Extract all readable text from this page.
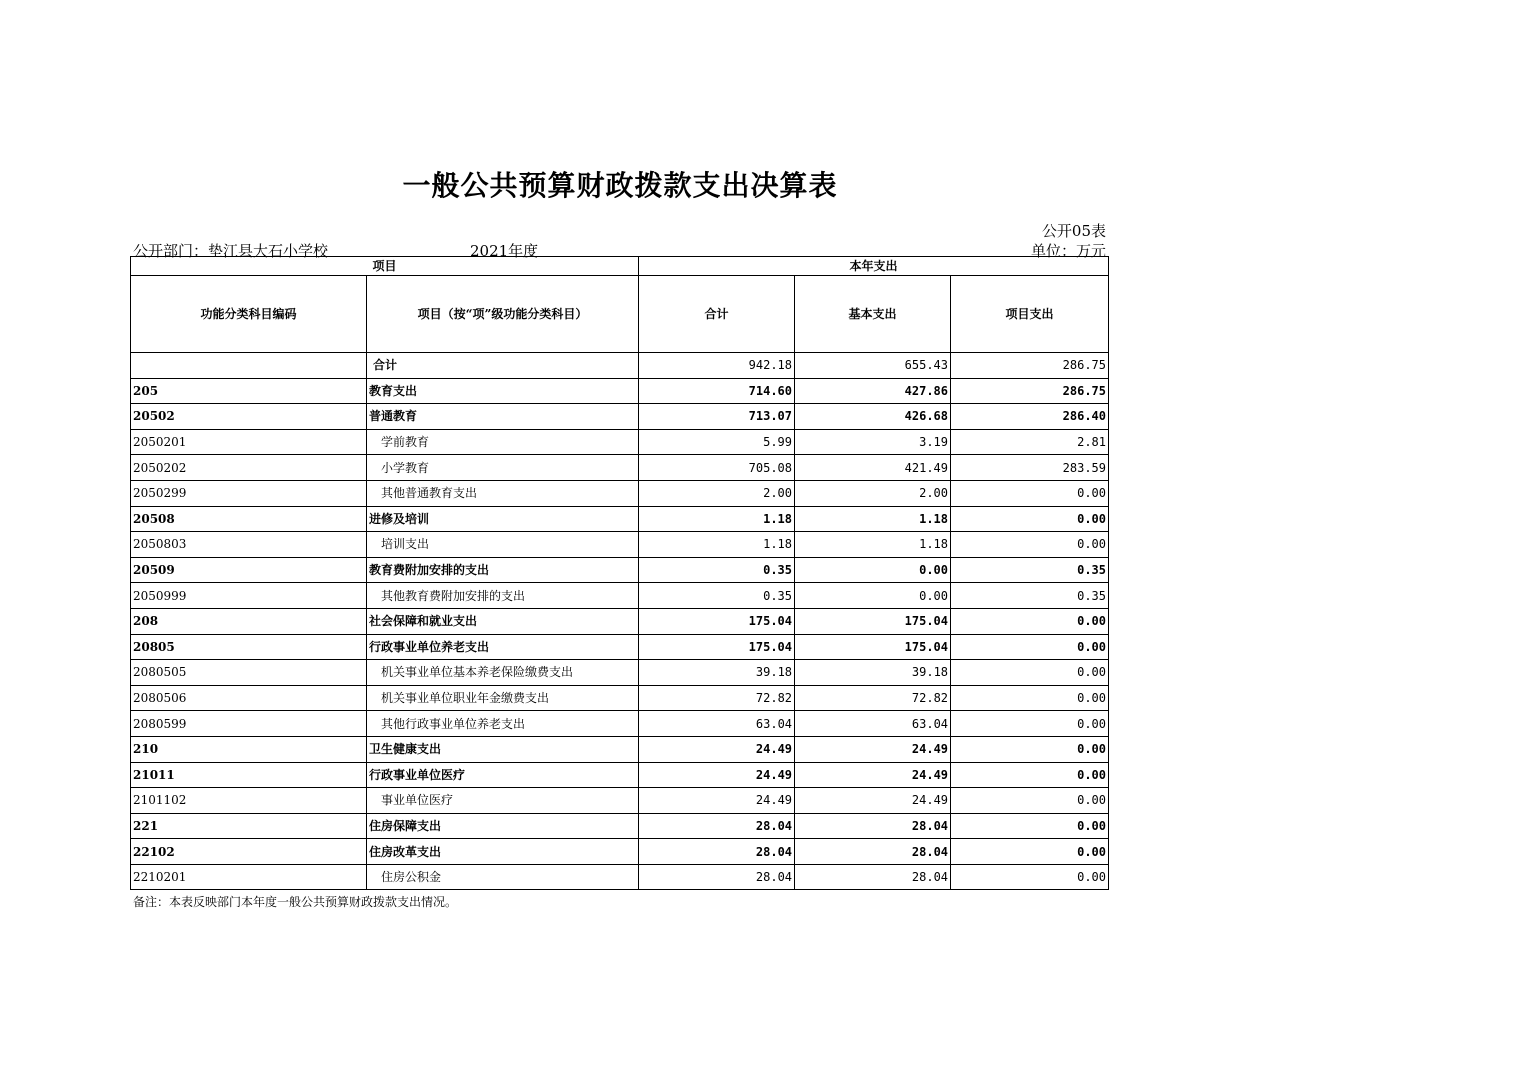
一般公共预算财政拨款支出决算表
公开05表
公开部门：垫江县大石小学校	2021年度	单位：万元
项目		本年支出		
功能分类科目编码	项目（按“项”级功能分类科目）	合计	基本支出	项目支出
	合计	942.18	655.43	286.75
205	教育支出	714.60	427.86	286.75
20502	普通教育	713.07	426.68	286.40
2050201	学前教育	5.99	3.19	2.81
2050202	小学教育	705.08	421.49	283.59
2050299	其他普通教育支出	2.00	2.00	0.00
20508	进修及培训	1.18	1.18	0.00
2050803	培训支出	1.18	1.18	0.00
20509	教育费附加安排的支出	0.35	0.00	0.35
2050999	其他教育费附加安排的支出	0.35	0.00	0.35
208	社会保障和就业支出	175.04	175.04	0.00
20805	行政事业单位养老支出	175.04	175.04	0.00
2080505	机关事业单位基本养老保险缴费支出	39.18	39.18	0.00
2080506	机关事业单位职业年金缴费支出	72.82	72.82	0.00
2080599	其他行政事业单位养老支出	63.04	63.04	0.00
210	卫生健康支出	24.49	24.49	0.00
21011	行政事业单位医疗	24.49	24.49	0.00
2101102	事业单位医疗	24.49	24.49	0.00
221	住房保障支出	28.04	28.04	0.00
22102	住房改革支出	28.04	28.04	0.00
2210201	住房公积金	28.04	28.04	0.00
备注：本表反映部门本年度一般公共预算财政拨款支出情况。
